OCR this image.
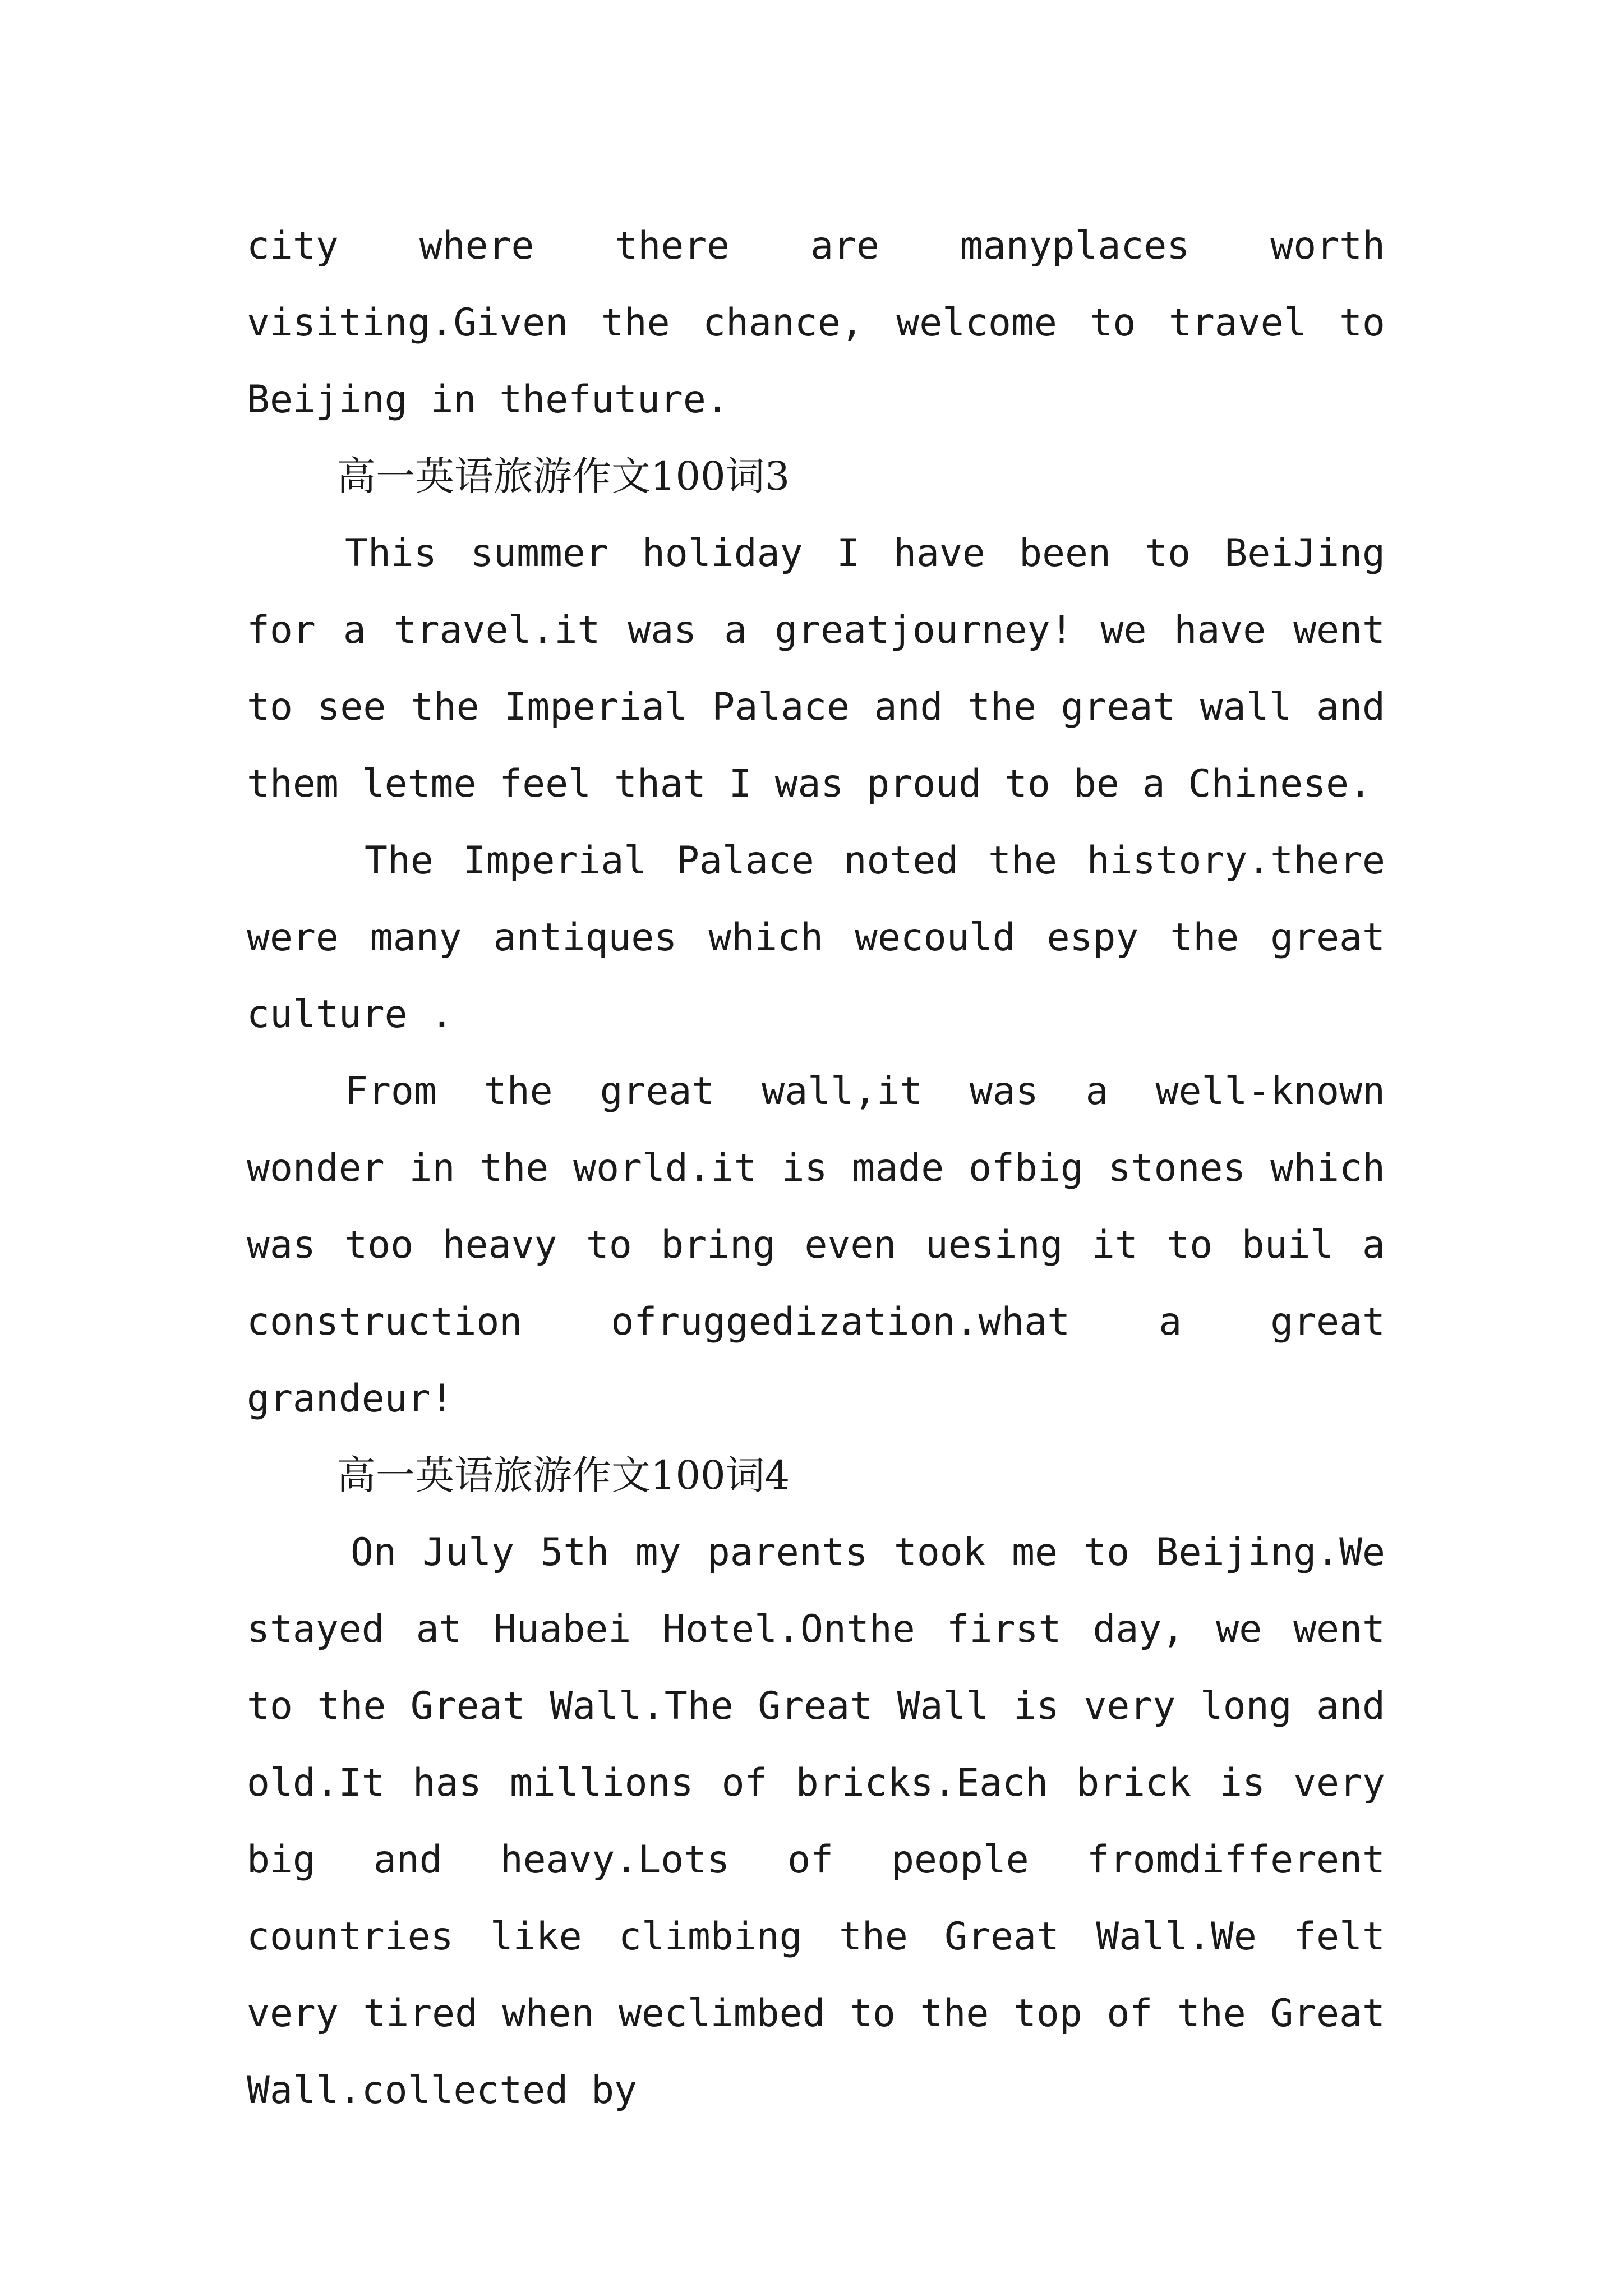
city where there are manyplaces worth visiting.Given the chance, welcome to travel to Beijing in thefuture.

高一英语旅游作文100词3

This summer holiday I have been to BeiJing for a travel.it was a greatjourney! we have went to see the Imperial Palace and the great wall and them letme feel that I was proud to be a Chinese.

The Imperial Palace noted the history.there were many antiques which wecould espy the great culture .

From the great wall,it was a well-known wonder in the world.it is made ofbig stones which was too heavy to bring even uesing it to buil a construction ofruggedization.what a great grandeur!

高一英语旅游作文100词4

On July 5th my parents took me to Beijing.We stayed at Huabei Hotel.Onthe first day, we went to the Great Wall.The Great Wall is very long and old.It has millions of bricks.Each brick is very big and heavy.Lots of people fromdifferent countries like climbing the Great Wall.We felt very tired when weclimbed to the top of the Great Wall.collected by
